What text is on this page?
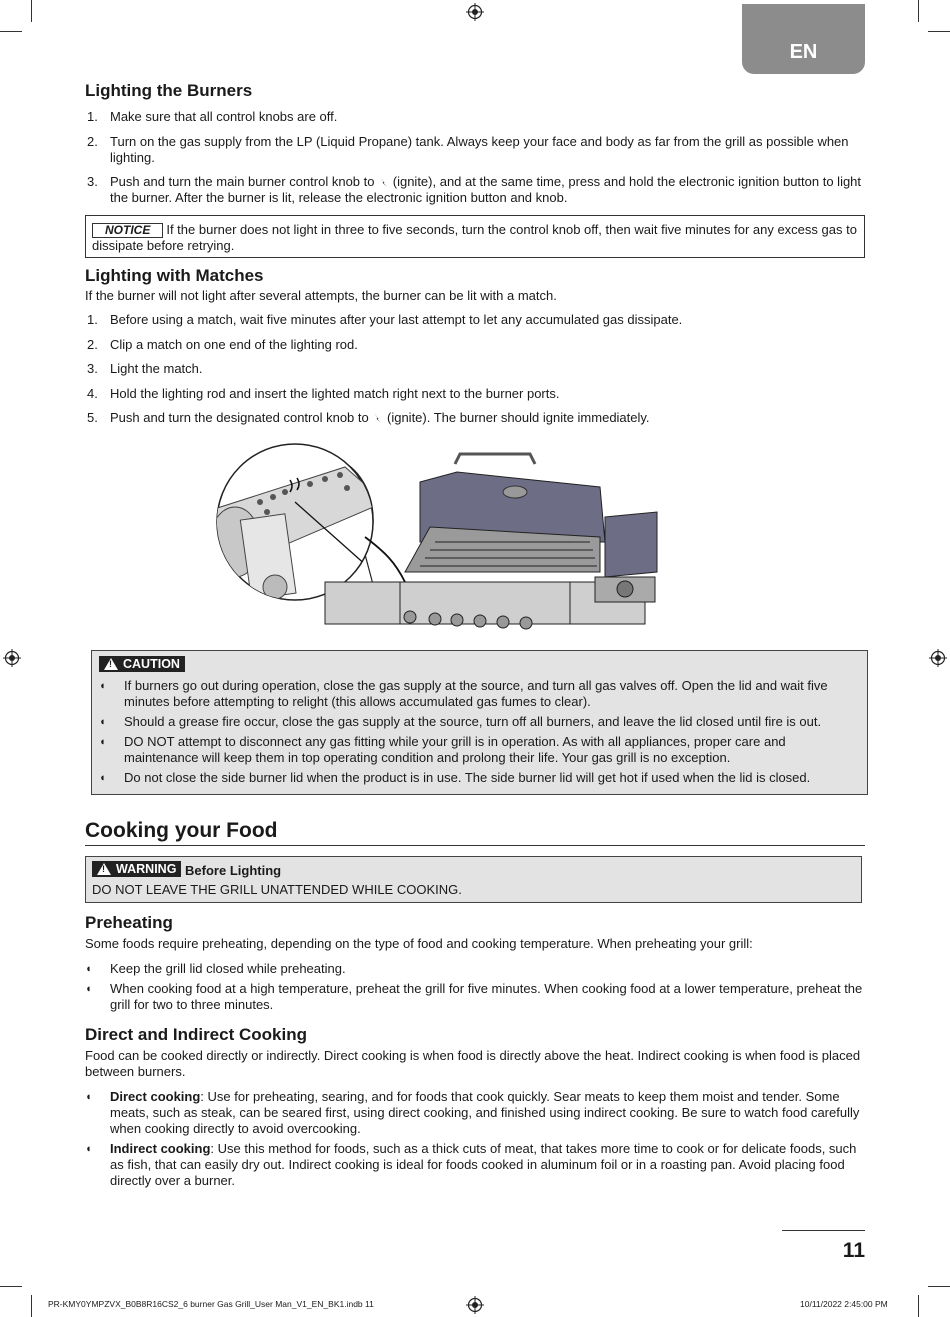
EN
Lighting the Burners
1. Make sure that all control knobs are off.
2. Turn on the gas supply from the LP (Liquid Propane) tank. Always keep your face and body as far from the grill as possible when lighting.
3. Push and turn the main burner control knob to (ignite), and at the same time, press and hold the electronic ignition button to light the burner. After the burner is lit, release the electronic ignition button and knob.
NOTICE If the burner does not light in three to five seconds, turn the control knob off, then wait five minutes for any excess gas to dissipate before retrying.
Lighting with Matches

If the burner will not light after several attempts, the burner can be lit with a match.

1. Before using a match, wait five minutes after your last attempt to let any accumulated gas dissipate.
2. Clip a match on one end of the lighting rod.
3. Light the match.
4. Hold the lighting rod and insert the lighted match right next to the burner ports.
5. Push and turn the designated control knob to (ignite). The burner should ignite immediately.
!
CAUTION
◖ If burners go out during operation, close the gas supply at the source, and turn all gas valves off. Open the lid and wait five minutes before attempting to relight (this allows accumulated gas fumes to clear).
◖ Should a grease fire occur, close the gas supply at the source, turn off all burners, and leave the lid closed until fire is out.
◖ DO NOT attempt to disconnect any gas fitting while your grill is in operation. As with all appliances, proper care and maintenance will keep them in top operating condition and prolong their life. Your gas grill is no exception.
◖ Do not close the side burner lid when the product is in use. The side burner lid will get hot if used when the lid is closed.
Cooking your Food
!
WARNING Before Lighting
DO NOT LEAVE THE GRILL UNATTENDED WHILE COOKING.
Preheating

Some foods require preheating, depending on the type of food and cooking temperature. When preheating your grill:

◖ Keep the grill lid closed while preheating.
◖ When cooking food at a high temperature, preheat the grill for five minutes. When cooking food at a lower temperature, preheat the grill for two to three minutes.
Direct and Indirect Cooking

Food can be cooked directly or indirectly. Direct cooking is when food is directly above the heat. Indirect cooking is when food is placed between burners.

◖ Direct cooking: Use for preheating, searing, and for foods that cook quickly. Sear meats to keep them moist and tender. Some meats, such as steak, can be seared first, using direct cooking, and finished using indirect cooking. Be sure to watch food carefully when cooking directly to avoid overcooking.
◖ Indirect cooking: Use this method for foods, such as a thick cuts of meat, that takes more time to cook or for delicate foods, such as fish, that can easily dry out. Indirect cooking is ideal for foods cooked in aluminum foil or in a roasting pan. Avoid placing food directly over a burner.
11
PR-KMY0YMPZVX_B0B8R16CS2_6 burner Gas Grill_User Man_V1_EN_BK1.indb 11	10/11/2022 2:45:00 PM
